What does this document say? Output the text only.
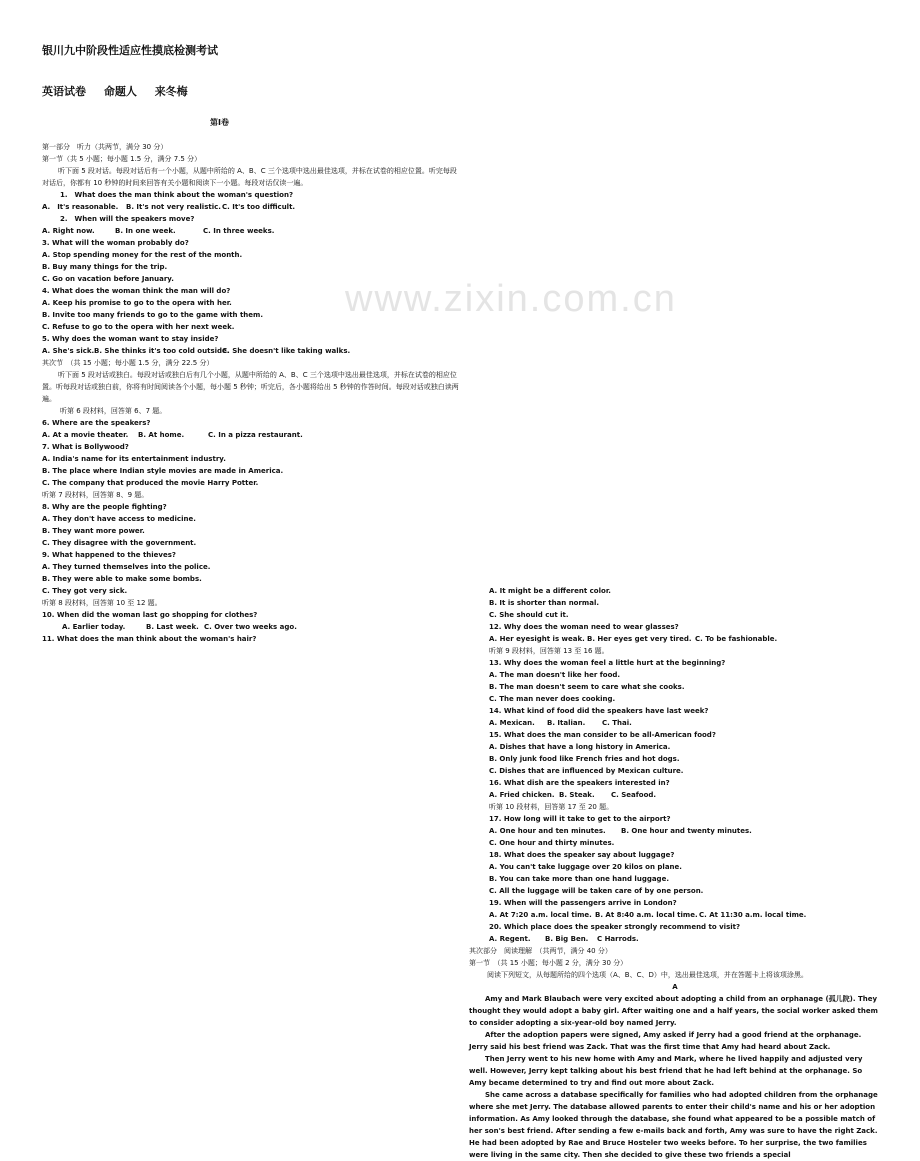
www.zixin.com.cn
银川九中阶段性适应性摸底检测考试
英语试卷 命题人 来冬梅
第Ⅰ卷
第一部分　听力（共两节，满分 30 分）
第一节（共 5 小题；每小题 1.5 分，满分 7.5 分）
听下面 5 段对话。每段对话后有一个小题，从题中所给的 A、B、C 三个选项中选出最佳选项，并标在试卷的相应位置。听完每段对话后，你都有 10 秒钟的时间来回答有关小题和阅读下一小题。每段对话仅读一遍。
1.　What does the man think about the woman's question?
A.　It's reasonable. B. It's not very realistic.C. It's too difficult.
2.　When will the speakers move?
A. Right now.	B. In one week.	C. In three weeks.
3. What will the woman probably do?
A. Stop spending money for the rest of the month.
B. Buy many things for the trip.
C. Go on vacation before January.
4. What does the woman think the man will do?
A. Keep his promise to go to the opera with her.
B. Invite too many friends to go to the game with them.
C. Refuse to go to the opera with her next week.
5. Why does the woman want to stay inside?
A. She's sick.B. She thinks it's too cold outside.C. She doesn't like taking walks.
其次节　（共 15 小题；每小题 1.5 分，满分 22.5 分）
听下面 5 段对话或独白。每段对话或独白后有几个小题，从题中所给的 A、B、C 三个选项中选出最佳选项，并标在试卷的相应位置。听每段对话或独白前，你将有时间阅读各个小题，每小题 5 秒钟；听完后，各小题将给出 5 秒钟的作答时间。每段对话或独白读两遍。
听第 6 段材料，回答第 6、7 题。
6. Where are the speakers?
A. At a movie theater. B. At home.	C. In a pizza restaurant.
7. What is Bollywood?
A. India's name for its entertainment industry.
B. The place where Indian style movies are made in America.
C. The company that produced the movie Harry Potter.
听第 7 段材料，回答第 8、9 题。
8. Why are the people fighting?
A. They don't have access to medicine.
B. They want more power.
C. They disagree with the government.
9. What happened to the thieves?
A. They turned themselves into the police.
B. They were able to make some bombs.
C. They got very sick.
听第 8 段材料，回答第 10 至 12 题。
10. When did the woman last go shopping for clothes?
A. Earlier today.	B. Last week. C. Over two weeks ago.
11. What does the man think about the woman's hair?
A. It might be a different color.
B. It is shorter than normal.
C. She should cut it.
12. Why does the woman need to wear glasses?
A. Her eyesight is weak. B. Her eyes get very tired. C. To be fashionable.
听第 9 段材料，回答第 13 至 16 题。
13. Why does the woman feel a little hurt at the beginning?
A. The man doesn't like her food.
B. The man doesn't seem to care what she cooks.
C. The man never does cooking.
14. What kind of food did the speakers have last week?
A. Mexican. B. Italian. C. Thai.
15. What does the man consider to be all-American food?
A. Dishes that have a long history in America.
B. Only junk food like French fries and hot dogs.
C. Dishes that are influenced by Mexican culture.
16. What dish are the speakers interested in?
A. Fried chicken. B. Steak. C. Seafood.
听第 10 段材料，回答第 17 至 20 题。
17. How long will it take to get to the airport?
A. One hour and ten minutes. B. One hour and twenty minutes.
C. One hour and thirty minutes.
18. What does the speaker say about luggage?
A. You can't take luggage over 20 kilos on plane.
B. You can take more than one hand luggage.
C. All the luggage will be taken care of by one person.
19. When will the passengers arrive in London?
A. At 7:20 a.m. local time. B. At 8:40 a.m. local time.C. At 11:30 a.m. local time.
20. Which place does the speaker strongly recommend to visit?
A. Regent. B. Big Ben. C Harrods.
其次部分　阅读理解　（共两节，满分 40 分）
第一节　（共 15 小题；每小题 2 分，满分 30 分）
阅读下列短文，从每题所给的四个选项（A、B、C、D）中，选出最佳选项，并在答题卡上将该项涂黑。
A
Amy and Mark Blaubach were very excited about adopting a child from an orphanage (孤儿院). They thought they would adopt a baby girl. After waiting one and a half years, the social worker asked them to consider adopting a six-year-old boy named Jerry.
After the adoption papers were signed, Amy asked if Jerry had a good friend at the orphanage. Jerry said his best friend was Zack. That was the first time that Amy had heard about Zack.
Then Jerry went to his new home with Amy and Mark, where he lived happily and adjusted very well. However, Jerry kept talking about his best friend that he had left behind at the orphanage. So Amy became determined to try and find out more about Zack.
She came across a database specifically for families who had adopted children from the orphanage where she met Jerry. The database allowed parents to enter their child's name and his or her adoption information. As Amy looked through the database, she found what appeared to be a possible match of her son's best friend. After sending a few e-mails back and forth, Amy was sure to have the right Zack. He had been adopted by Rae and Bruce Hosteler two weeks before. To her surprise, the two families were living in the same city. Then she decided to give these two friends a special
